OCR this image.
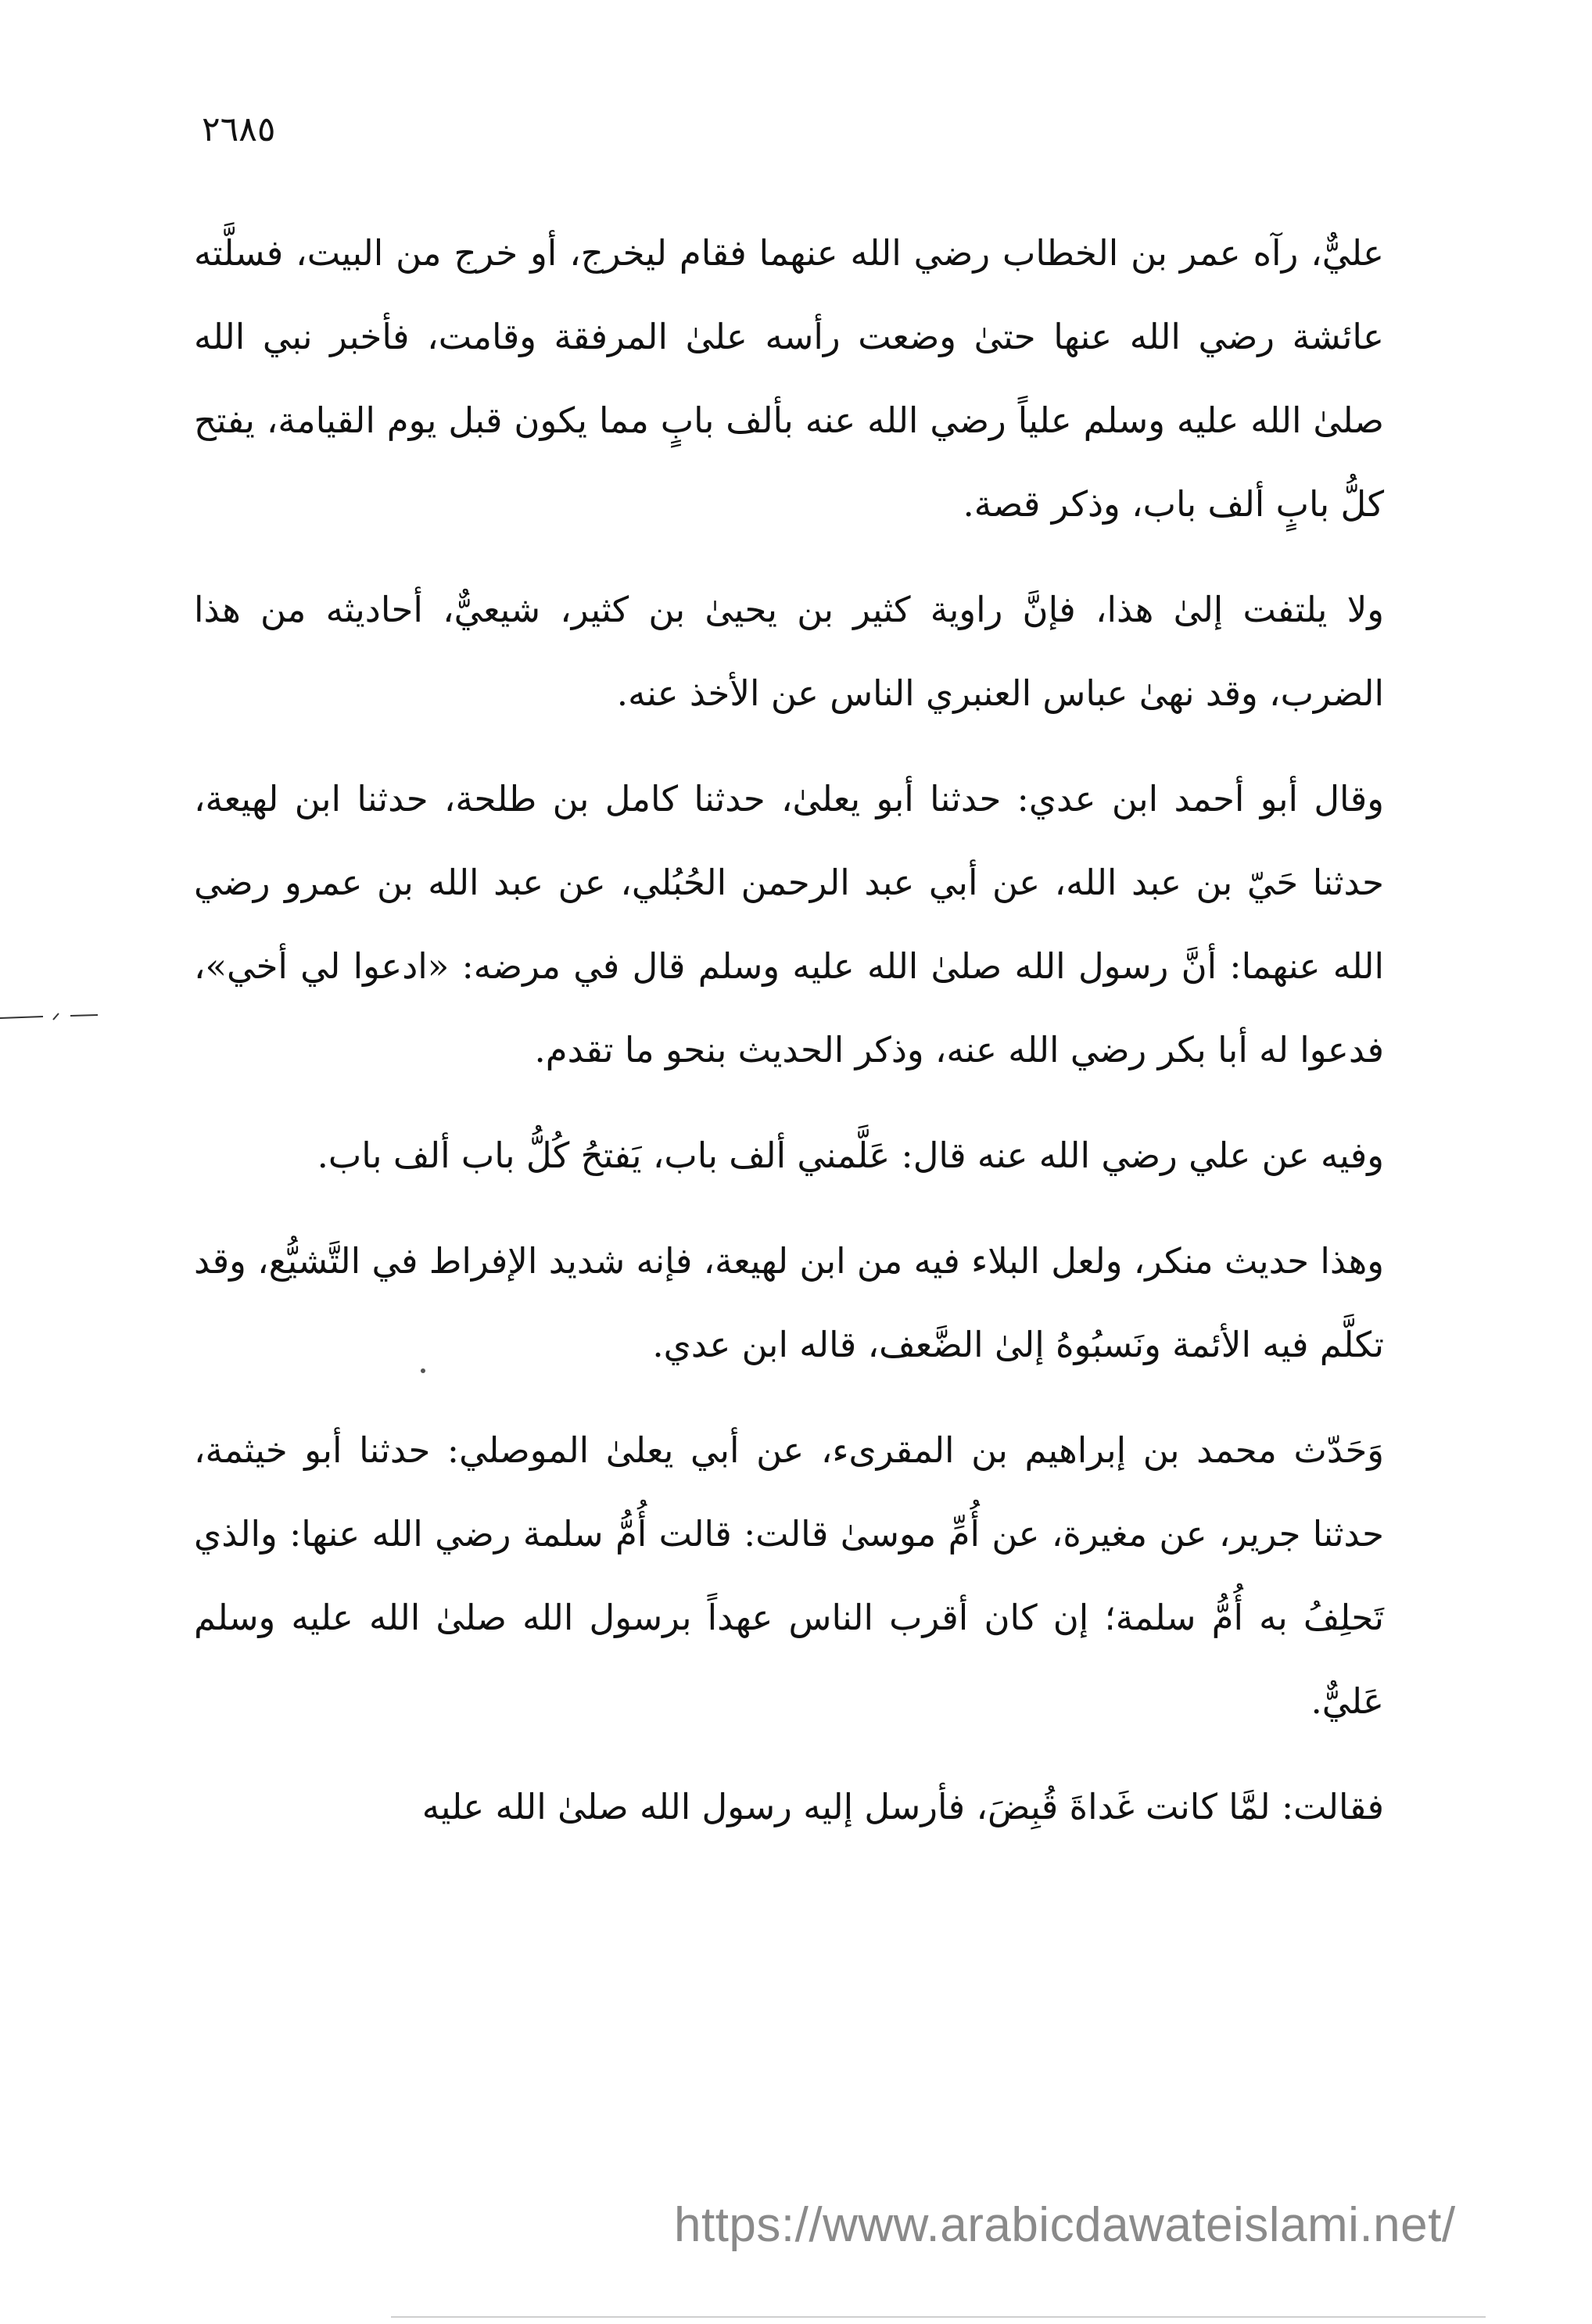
٢٦٨٥

عليٌّ، رآه عمر بن الخطاب رضي الله عنهما فقام ليخرج، أو خرج من البيت، فسلَّته عائشة رضي الله عنها حتىٰ وضعت رأسه علىٰ المرفقة وقامت، فأخبر نبي الله صلىٰ الله عليه وسلم علياً رضي الله عنه بألف بابٍ مما يكون قبل يوم القيامة، يفتح كلُّ بابٍ ألف باب، وذكر قصة.

ولا يلتفت إلىٰ هذا، فإنَّ راوية كثير بن يحيىٰ بن كثير، شيعيٌّ، أحاديثه من هذا الضرب، وقد نهىٰ عباس العنبري الناس عن الأخذ عنه.

وقال أبو أحمد ابن عدي: حدثنا أبو يعلىٰ، حدثنا كامل بن طلحة، حدثنا ابن لهيعة، حدثنا حَيّ بن عبد الله، عن أبي عبد الرحمن الحُبُلي، عن عبد الله بن عمرو رضي الله عنهما: أنَّ رسول الله صلىٰ الله عليه وسلم قال في مرضه: «ادعوا لي أخي»، فدعوا له أبا بكر رضي الله عنه، وذكر الحديث بنحو ما تقدم.

وفيه عن علي رضي الله عنه قال: عَلَّمني ألف باب، يَفتحُ كُلُّ باب ألف باب.

وهذا حديث منكر، ولعل البلاء فيه من ابن لهيعة، فإنه شديد الإفراط في التَّشيُّع، وقد تكلَّم فيه الأئمة ونَسبُوهُ إلىٰ الضَّعف، قاله ابن عدي.

وَحَدّث محمد بن إبراهيم بن المقرىء، عن أبي يعلىٰ الموصلي: حدثنا أبو خيثمة، حدثنا جرير، عن مغيرة، عن أُمِّ موسىٰ قالت: قالت أُمُّ سلمة رضي الله عنها: والذي تَحلِفُ به أُمُّ سلمة؛ إن كان أقرب الناس عهداً برسول الله صلىٰ الله عليه وسلم عَليٌّ.

فقالت: لمَّا كانت غَداةَ قُبِضَ، فأرسل إليه رسول الله صلىٰ الله عليه

https://www.arabicdawateislami.net/
